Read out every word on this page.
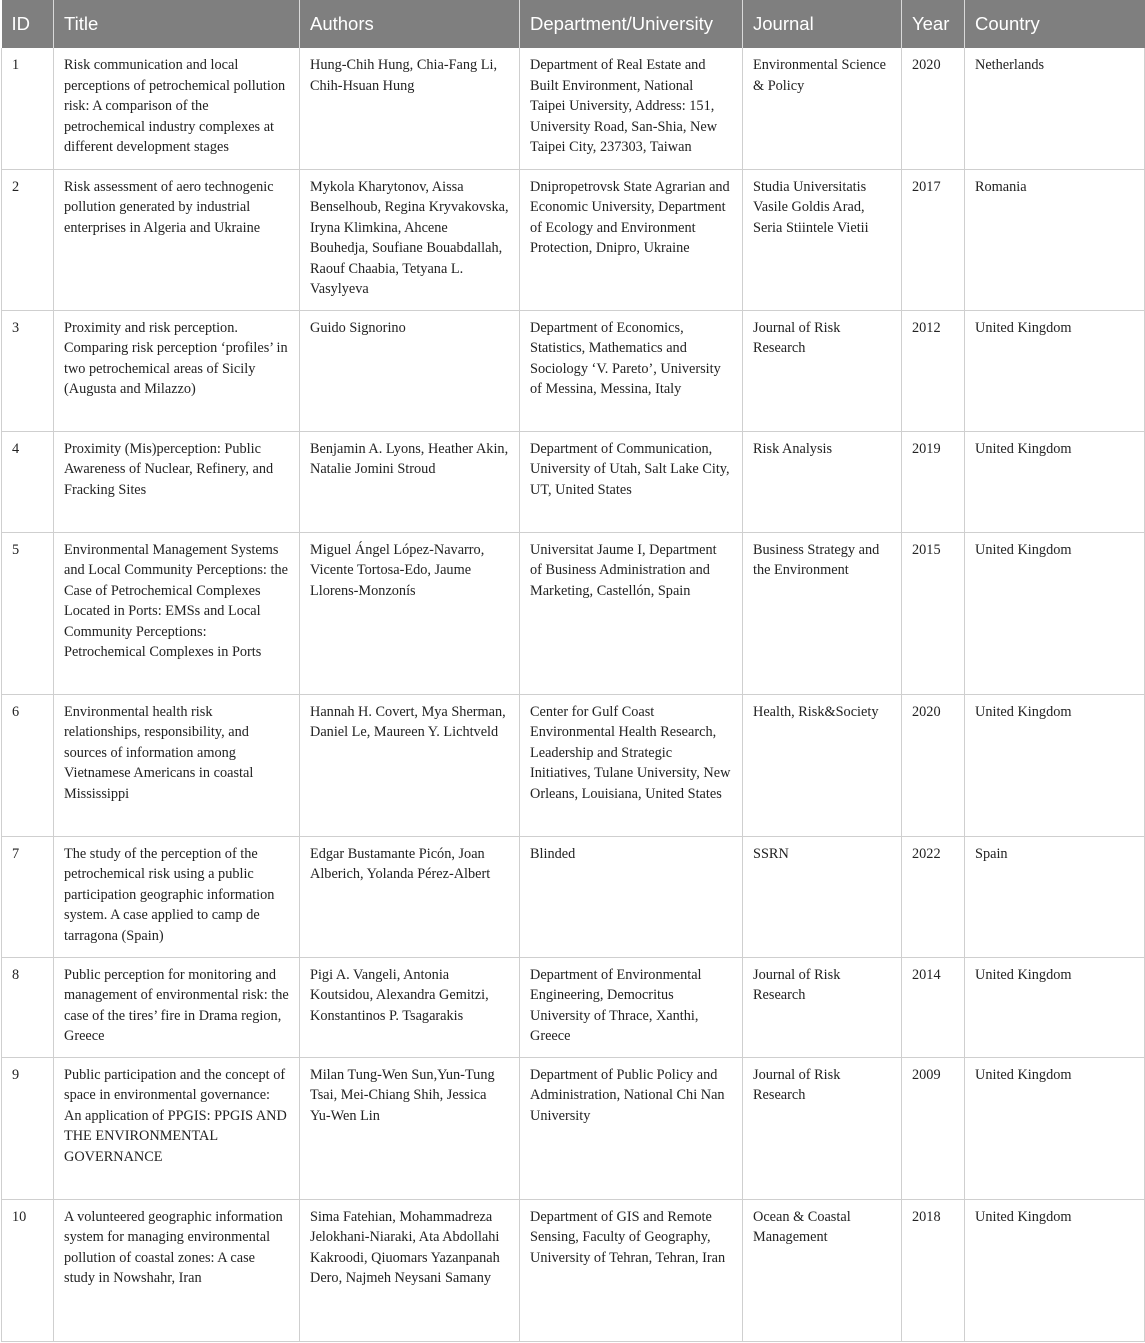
ID	Title	Authors	Department/University	Journal	Year	Country
1	Risk communication and local perceptions of petrochemical pollution risk: A comparison of the petrochemical industry complexes at different development stages	Hung-Chih Hung, Chia-Fang Li, Chih-Hsuan Hung	Department of Real Estate and Built Environment, National Taipei University, Address: 151, University Road, San-Shia, New Taipei City, 237303, Taiwan	Environmental Science & Policy	2020	Netherlands
2	Risk assessment of aero technogenic pollution generated by industrial enterprises in Algeria and Ukraine	Mykola Kharytonov, Aissa Benselhoub, Regina Kryvakovska, Iryna Klimkina, Ahcene Bouhedja, Soufiane Bouabdallah, Raouf Chaabia, Tetyana L. Vasylyeva	Dnipropetrovsk State Agrarian and Economic University, Department of Ecology and Environment Protection, Dnipro, Ukraine	Studia Universitatis Vasile Goldis Arad, Seria Stiintele Vietii	2017	Romania
3	Proximity and risk perception. Comparing risk perception ‘profiles’ in two petrochemical areas of Sicily (Augusta and Milazzo)	Guido Signorino	Department of Economics, Statistics, Mathematics and Sociology ‘V. Pareto’, University of Messina, Messina, Italy	Journal of Risk Research	2012	United Kingdom
4	Proximity (Mis)perception: Public Awareness of Nuclear, Refinery, and Fracking Sites	Benjamin A. Lyons, Heather Akin, Natalie Jomini Stroud	Department of Communication, University of Utah, Salt Lake City, UT, United States	Risk Analysis	2019	United Kingdom
5	Environmental Management Systems and Local Community Perceptions: the Case of Petrochemical Complexes Located in Ports: EMSs and Local Community Perceptions: Petrochemical Complexes in Ports	Miguel Ángel López-Navarro, Vicente Tortosa-Edo, Jaume Llorens-Monzonís	Universitat Jaume I, Department of Business Administration and Marketing, Castellón, Spain	Business Strategy and the Environment	2015	United Kingdom
6	Environmental health risk relationships, responsibility, and sources of information among Vietnamese Americans in coastal Mississippi	Hannah H. Covert, Mya Sherman, Daniel Le, Maureen Y. Lichtveld	Center for Gulf Coast Environmental Health Research, Leadership and Strategic Initiatives, Tulane University, New Orleans, Louisiana, United States	Health, Risk&Society	2020	United Kingdom
7	The study of the perception of the petrochemical risk using a public participation geographic information system. A case applied to camp de tarragona (Spain)	Edgar Bustamante Picón, Joan Alberich, Yolanda Pérez-Albert	Blinded	SSRN	2022	Spain
8	Public perception for monitoring and management of environmental risk: the case of the tires’ fire in Drama region, Greece	Pigi A. Vangeli, Antonia Koutsidou, Alexandra Gemitzi, Konstantinos P. Tsagarakis	Department of Environmental Engineering, Democritus University of Thrace, Xanthi, Greece	Journal of Risk Research	2014	United Kingdom
9	Public participation and the concept of space in environmental governance: An application of PPGIS: PPGIS AND THE ENVIRONMENTAL GOVERNANCE	Milan Tung-Wen Sun,Yun-Tung Tsai, Mei-Chiang Shih, Jessica Yu-Wen Lin	Department of Public Policy and Administration, National Chi Nan University	Journal of Risk Research	2009	United Kingdom
10	A volunteered geographic information system for managing environmental pollution of coastal zones: A case study in Nowshahr, Iran	Sima Fatehian, Mohammadreza Jelokhani-Niaraki, Ata Abdollahi Kakroodi, Qiuomars Yazanpanah Dero, Najmeh Neysani Samany	Department of GIS and Remote Sensing, Faculty of Geography, University of Tehran, Tehran, Iran	Ocean & Coastal Management	2018	United Kingdom
